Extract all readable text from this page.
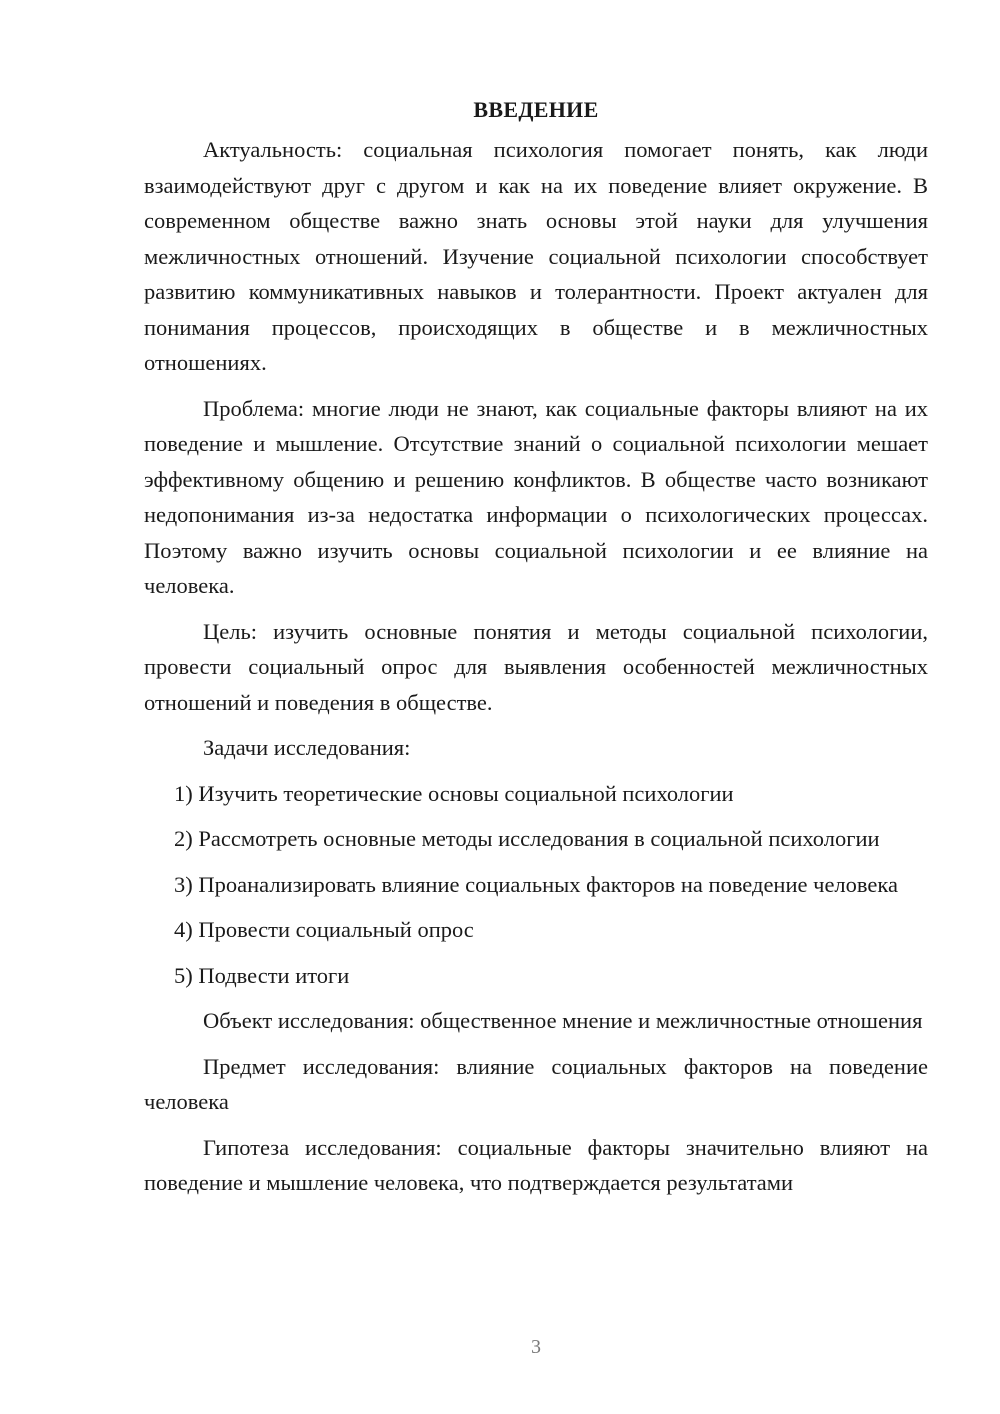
ВВЕДЕНИЕ

Актуальность: социальная психология помогает понять, как люди взаимодействуют друг с другом и как на их поведение влияет окружение. В современном обществе важно знать основы этой науки для улучшения межличностных отношений. Изучение социальной психологии способствует развитию коммуникативных навыков и толерантности. Проект актуален для понимания процессов, происходящих в обществе и в межличностных отношениях.

Проблема: многие люди не знают, как социальные факторы влияют на их поведение и мышление. Отсутствие знаний о социальной психологии мешает эффективному общению и решению конфликтов. В обществе часто возникают недопонимания из-за недостатка информации о психологических процессах. Поэтому важно изучить основы социальной психологии и ее влияние на человека.

Цель: изучить основные понятия и методы социальной психологии, провести социальный опрос для выявления особенностей межличностных отношений и поведения в обществе.

Задачи исследования:

1) Изучить теоретические основы социальной психологии

2) Рассмотреть основные методы исследования в социальной психологии

3) Проанализировать влияние социальных факторов на поведение человека

4) Провести социальный опрос

5) Подвести итоги

Объект исследования: общественное мнение и межличностные отношения

Предмет исследования: влияние социальных факторов на поведение человека

Гипотеза исследования: социальные факторы значительно влияют на поведение и мышление человека, что подтверждается результатами

3
